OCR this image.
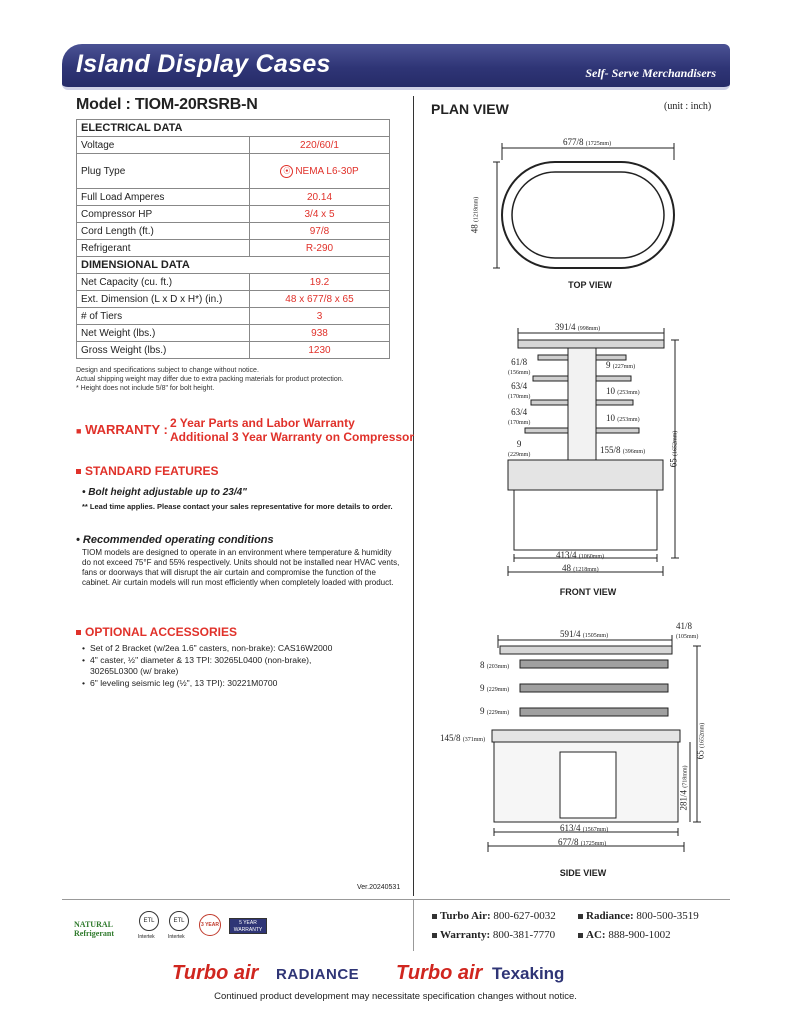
Island Display Cases	Self- Serve Merchandisers
Model : TIOM-20RSRB-N
ELECTRICAL DATA	
Voltage	220/60/1
Plug Type	⦿ NEMA L6-30P
Full Load Amperes	20.14
Compressor HP	3/4 x 5
Cord Length (ft.)	97/8
Refrigerant	R-290
DIMENSIONAL DATA	
Net Capacity (cu. ft.)	19.2
Ext. Dimension (L x D x H*) (in.)	48 x 677/8 x 65
# of Tiers	3
Net Weight (lbs.)	938
Gross Weight (lbs.)	1230
Design and specifications subject to change without notice.
Actual shipping weight may differ due to extra packing materials for product protection.
* Height does not include 5/8" for bolt height.
■ WARRANTY : 2 Year Parts and Labor Warranty
Additional 3 Year Warranty on Compressor
STANDARD FEATURES
• Bolt height adjustable up to 23/4"
** Lead time applies. Please contact your sales representative for more details to order.
• Recommended operating conditions
TIOM models are designed to operate in an environment where temperature & humidity do not exceed 75°F and 55% respectively. Units should not be installed near HVAC vents, fans or doorways that will disrupt the air curtain and compromise the function of the cabinet. Air curtain models will run most efficiently when completely loaded with product.
OPTIONAL ACCESSORIES
• Set of 2 Bracket (w/2ea 1.6" casters, non-brake): CAS16W2000
• 4" caster, ½" diameter & 13 TPI: 30265L0400 (non-brake),
30265L0300 (w/ brake)
• 6" leveling seismic leg (½", 13 TPI): 30221M0700
Ver.20240531
PLAN VIEW	(unit : inch)
677/8 (1725mm)
48 (1218mm)
TOP VIEW
391/4 (998mm)
61/8
(156mm)
63/4
(170mm)
63/4
(170mm)
9
(229mm)
9 (227mm)
10 (253mm)
10 (253mm)
155/8 (396mm)
65 (1652mm)
413/4 (1060mm)
48 (1218mm)
FRONT VIEW
591/4 (1505mm)
41/8
(105mm)
8 (203mm)
9 (229mm)
9 (229mm)
145/8 (371mm)
65 (1652mm)
281/4 (718mm)
613/4 (1567mm)
677/8 (1725mm)
SIDE VIEW
NATURAL
Refrigerant
ETL
Intertek
ETL
Intertek
3 YEAR	5 YEAR WARRANTY
Turbo Air: 800-627-0032	Radiance: 800-500-3519
Warranty: 800-381-7770	AC: 888-900-1002
Turbo air RADIANCE Turbo air Texaking
Continued product development may necessitate specification changes without notice.
